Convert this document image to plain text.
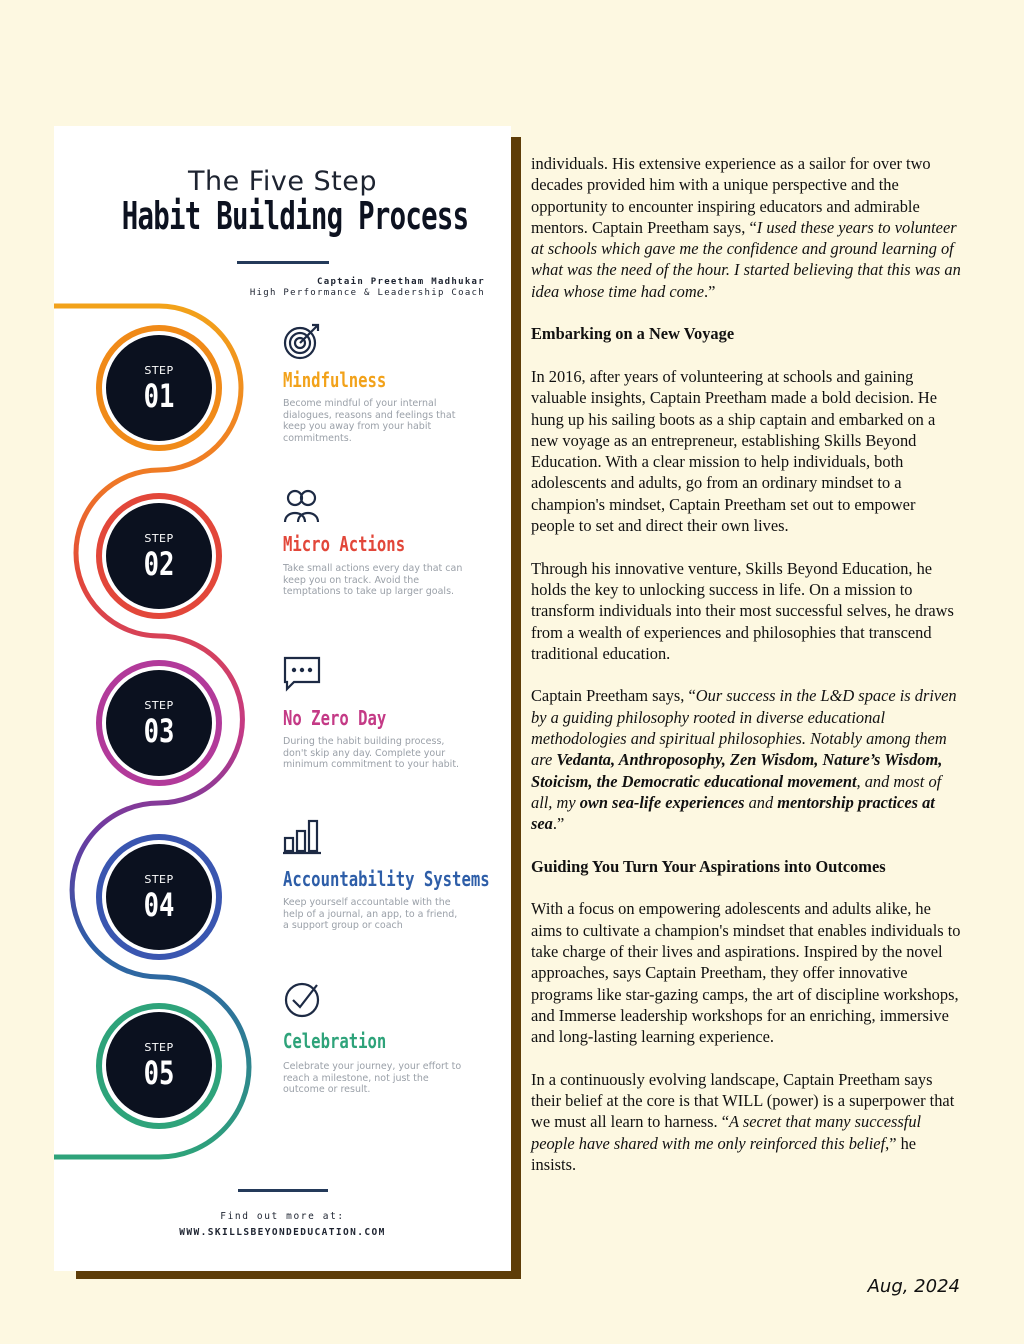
The Five Step
Habit Building Process
Captain Preetham Madhukar
High Performance & Leadership Coach
STEP
01	Mindfulness
Become mindful of your internal dialogues, reasons and feelings that keep you away from your habit commitments.
STEP
02
Micro Actions
Take small actions every day that can keep you on track. Avoid the temptations to take up larger goals.
STEP
03	No Zero Day
During the habit building process, don't skip any day. Complete your minimum commitment to your habit.
STEP
04
Accountability Systems
Keep yourself accountable with the help of a journal, an app, to a friend, a support group or coach
STEP
05
Celebration
Celebrate your journey, your effort to reach a milestone, not just the outcome or result.
Find out more at:
WWW.SKILLSBEYONDEDUCATION.COM

individuals. His extensive experience as a sailor for over two decades provided him with a unique perspective and the opportunity to encounter inspiring educators and admirable mentors. Captain Preetham says, “I used these years to volunteer at schools which gave me the confidence and ground learning of what was the need of the hour. I started believing that this was an idea whose time had come.”

Embarking on a New Voyage

In 2016, after years of volunteering at schools and gaining valuable insights, Captain Preetham made a bold decision. He hung up his sailing boots as a ship captain and embarked on a new voyage as an entrepreneur, establishing Skills Beyond Education. With a clear mission to help individuals, both adolescents and adults, go from an ordinary mindset to a champion's mindset, Captain Preetham set out to empower people to set and direct their own lives.

Through his innovative venture, Skills Beyond Education, he holds the key to unlocking success in life. On a mission to transform individuals into their most successful selves, he draws from a wealth of experiences and philosophies that transcend traditional education.

Captain Preetham says, “Our success in the L&D space is driven by a guiding philosophy rooted in diverse educational methodologies and spiritual philosophies. Notably among them are Vedanta, Anthroposophy, Zen Wisdom, Nature’s Wisdom, Stoicism, the Democratic educational movement, and most of all, my own sea-life experiences and mentorship practices at sea.”

Guiding You Turn Your Aspirations into Outcomes

With a focus on empowering adolescents and adults alike, he aims to cultivate a champion's mindset that enables individuals to take charge of their lives and aspirations. Inspired by the novel approaches, says Captain Preetham, they offer innovative programs like star-gazing camps, the art of discipline workshops, and Immerse leadership workshops for an enriching, immersive and long-lasting learning experience.

In a continuously evolving landscape, Captain Preetham says their belief at the core is that WILL (power) is a superpower that we must all learn to harness. “A secret that many successful people have shared with me only reinforced this belief,” he insists.

Aug, 2024
